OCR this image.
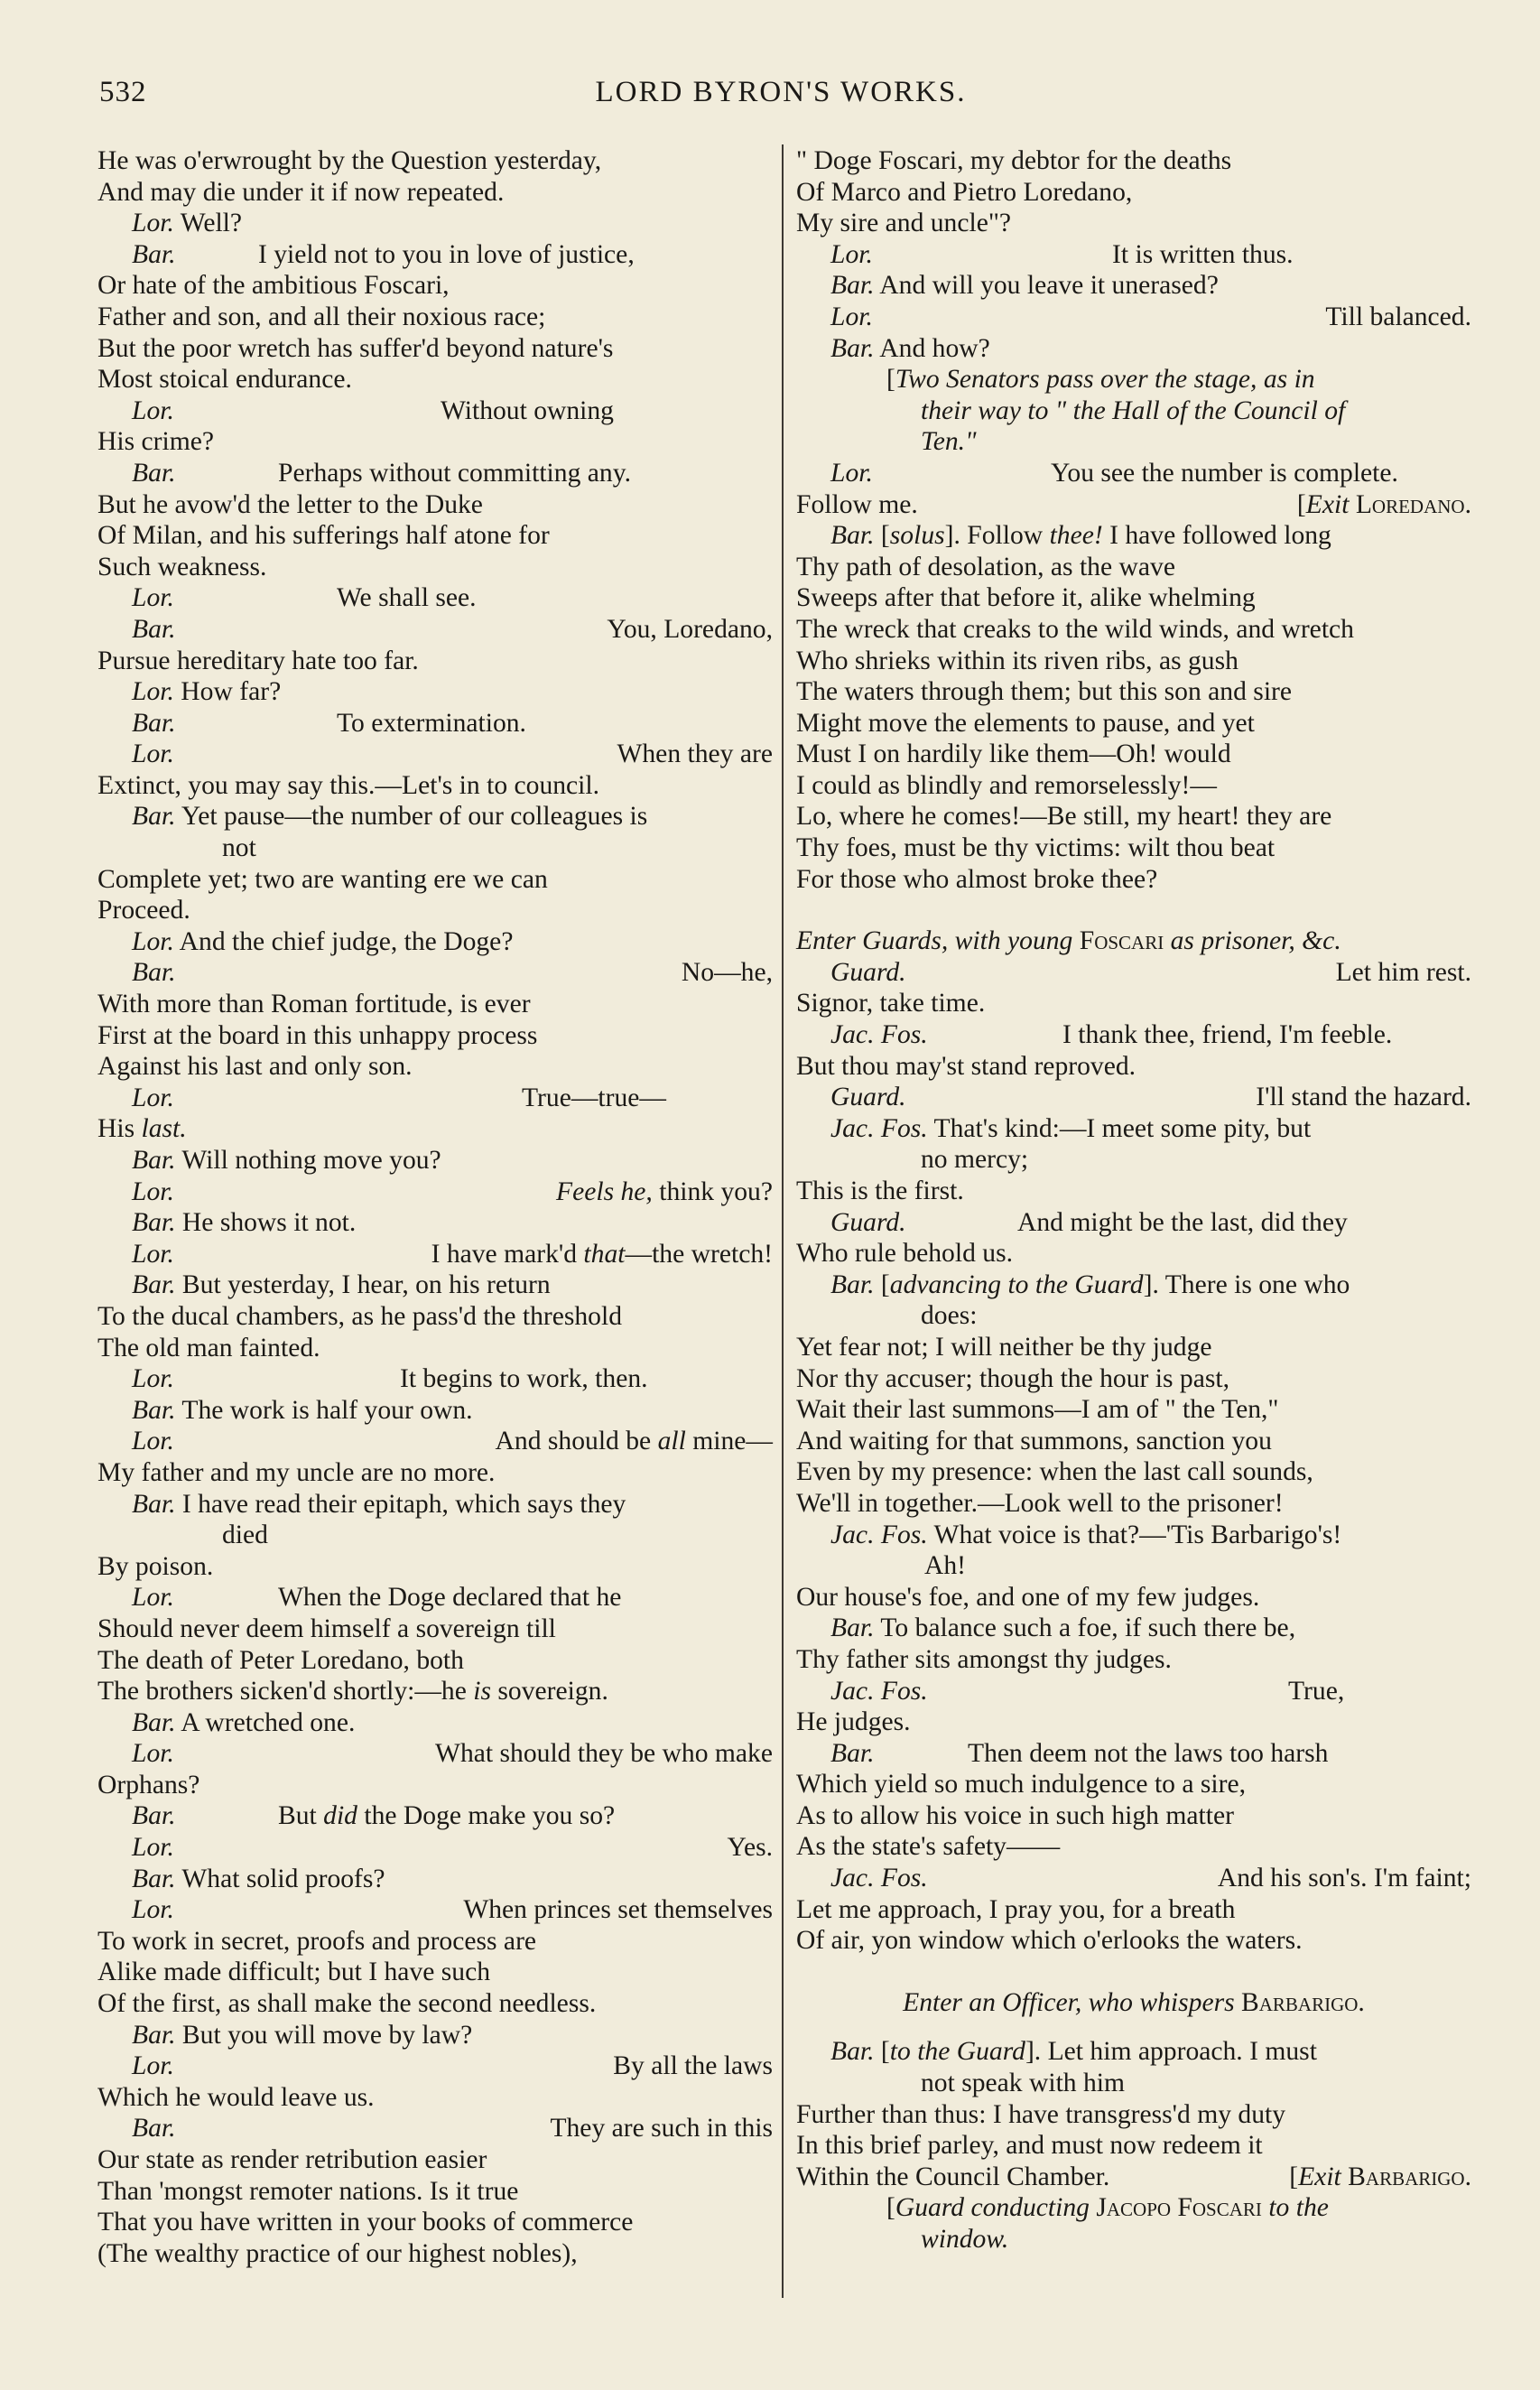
532	LORD BYRON'S WORKS.
He was o'erwrought by the Question yesterday,
And may die under it if now repeated.
Lor. Well?
Bar.	I yield not to you in love of justice,
Or hate of the ambitious Foscari,
Father and son, and all their noxious race;
But the poor wretch has suffer'd beyond nature's
Most stoical endurance.
Lor.	Without owning
His crime?
Bar.	Perhaps without committing any.
But he avow'd the letter to the Duke
Of Milan, and his sufferings half atone for
Such weakness.
Lor.	We shall see.
Bar.	You, Loredano,
Pursue hereditary hate too far.
Lor. How far?
Bar.	To extermination.
Lor.	When they are
Extinct, you may say this.—Let's in to council.
Bar. Yet pause—the number of our colleagues is
not
Complete yet; two are wanting ere we can
Proceed.
Lor. And the chief judge, the Doge?
Bar.	No—he,
With more than Roman fortitude, is ever
First at the board in this unhappy process
Against his last and only son.
Lor.	True—true—
His last.
Bar. Will nothing move you?
Lor.	Feels he, think you?
Bar. He shows it not.
Lor.	I have mark'd that—the wretch!
Bar. But yesterday, I hear, on his return
To the ducal chambers, as he pass'd the threshold
The old man fainted.
Lor.	It begins to work, then.
Bar. The work is half your own.
Lor.	And should be all mine—
My father and my uncle are no more.
Bar. I have read their epitaph, which says they
died
By poison.
Lor.	When the Doge declared that he
Should never deem himself a sovereign till
The death of Peter Loredano, both
The brothers sicken'd shortly:—he is sovereign.
Bar. A wretched one.
Lor.	What should they be who make
Orphans?
Bar.	But did the Doge make you so?
Lor.	Yes.
Bar. What solid proofs?
Lor.	When princes set themselves
To work in secret, proofs and process are
Alike made difficult; but I have such
Of the first, as shall make the second needless.
Bar. But you will move by law?
Lor.	By all the laws
Which he would leave us.
Bar.	They are such in this
Our state as render retribution easier
Than 'mongst remoter nations. Is it true
That you have written in your books of commerce
(The wealthy practice of our highest nobles),
" Doge Foscari, my debtor for the deaths
Of Marco and Pietro Loredano,
My sire and uncle"?
Lor.	It is written thus.
Bar. And will you leave it unerased?
Lor.	Till balanced.
Bar. And how?
[Two Senators pass over the stage, as in
their way to " the Hall of the Council of
Ten."
Lor.	You see the number is complete.
Follow me.	[Exit Loredano.
Bar. [solus]. Follow thee! I have followed long
Thy path of desolation, as the wave
Sweeps after that before it, alike whelming
The wreck that creaks to the wild winds, and wretch
Who shrieks within its riven ribs, as gush
The waters through them; but this son and sire
Might move the elements to pause, and yet
Must I on hardily like them—Oh! would
I could as blindly and remorselessly!—
Lo, where he comes!—Be still, my heart! they are
Thy foes, must be thy victims: wilt thou beat
For those who almost broke thee?
Enter Guards, with young Foscari as prisoner, &c.
Guard.	Let him rest.
Signor, take time.
Jac. Fos.	I thank thee, friend, I'm feeble.
But thou may'st stand reproved.
Guard.	I'll stand the hazard.
Jac. Fos. That's kind:—I meet some pity, but
no mercy;
This is the first.
Guard.	And might be the last, did they
Who rule behold us.
Bar. [advancing to the Guard]. There is one who
does:
Yet fear not; I will neither be thy judge
Nor thy accuser; though the hour is past,
Wait their last summons—I am of " the Ten,"
And waiting for that summons, sanction you
Even by my presence: when the last call sounds,
We'll in together.—Look well to the prisoner!
Jac. Fos. What voice is that?—'Tis Barbarigo's!
Ah!
Our house's foe, and one of my few judges.
Bar. To balance such a foe, if such there be,
Thy father sits amongst thy judges.
Jac. Fos.	True,
He judges.
Bar.	Then deem not the laws too harsh
Which yield so much indulgence to a sire,
As to allow his voice in such high matter
As the state's safety——
Jac. Fos.	And his son's. I'm faint;
Let me approach, I pray you, for a breath
Of air, yon window which o'erlooks the waters.
Enter an Officer, who whispers Barbarigo.
Bar. [to the Guard]. Let him approach. I must
not speak with him
Further than thus: I have transgress'd my duty
In this brief parley, and must now redeem it
Within the Council Chamber.	[Exit Barbarigo.
[Guard conducting Jacopo Foscari to the
window.
